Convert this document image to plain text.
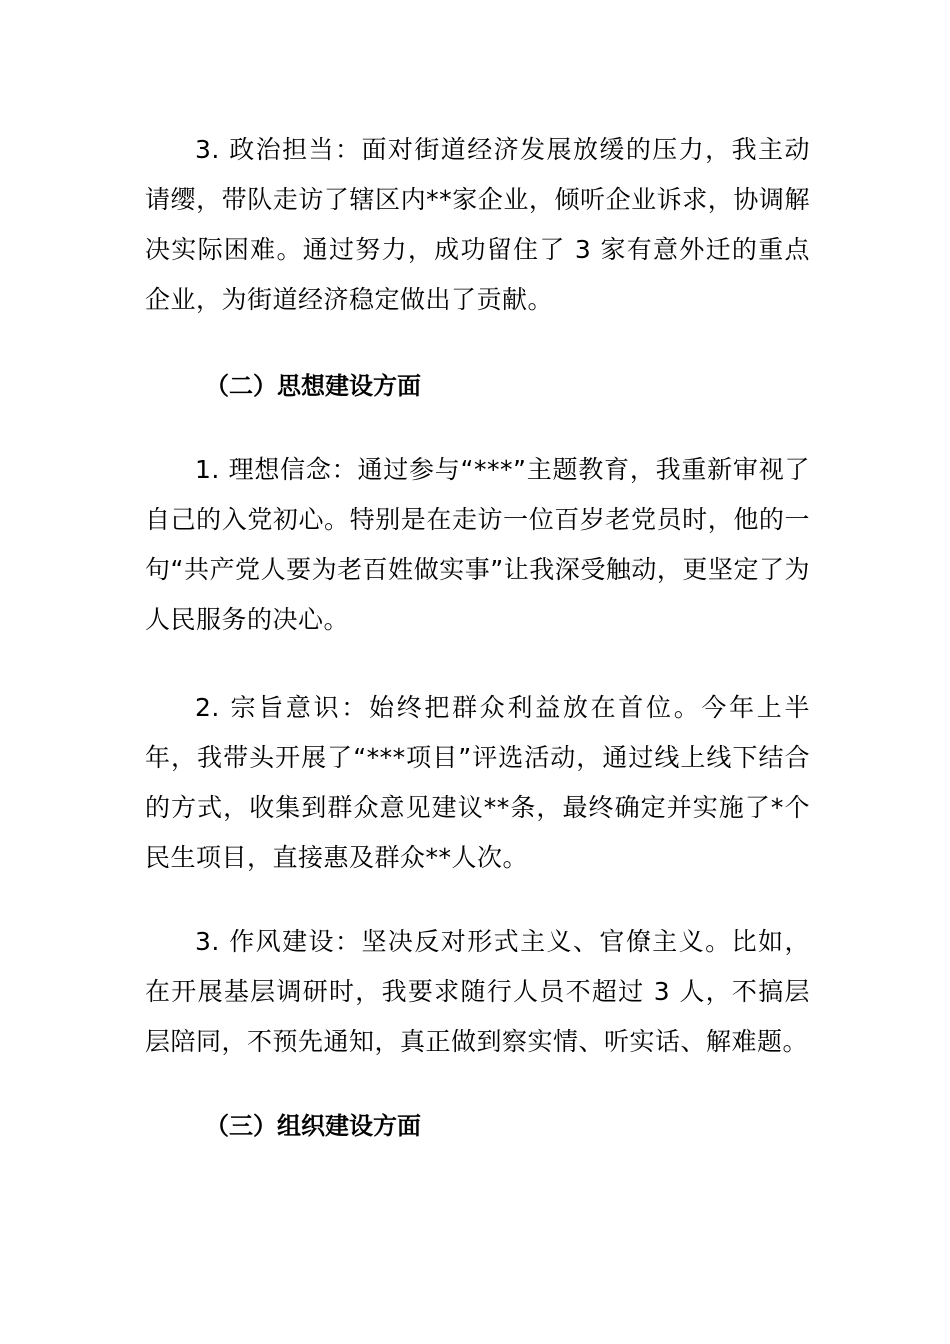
3. 政治担当：面对街道经济发展放缓的压力，我主动请缨，带队走访了辖区内**家企业，倾听企业诉求，协调解决实际困难。通过努力，成功留住了 3 家有意外迁的重点企业，为街道经济稳定做出了贡献。

（二）思想建设方面

1. 理想信念：通过参与“***”主题教育，我重新审视了自己的入党初心。特别是在走访一位百岁老党员时，他的一句“共产党人要为老百姓做实事”让我深受触动，更坚定了为人民服务的决心。

2. 宗旨意识：始终把群众利益放在首位。今年上半年，我带头开展了“***项目”评选活动，通过线上线下结合的方式，收集到群众意见建议**条，最终确定并实施了*个民生项目，直接惠及群众**人次。

3. 作风建设：坚决反对形式主义、官僚主义。比如，在开展基层调研时，我要求随行人员不超过 3 人，不搞层层陪同，不预先通知，真正做到察实情、听实话、解难题。

（三）组织建设方面
